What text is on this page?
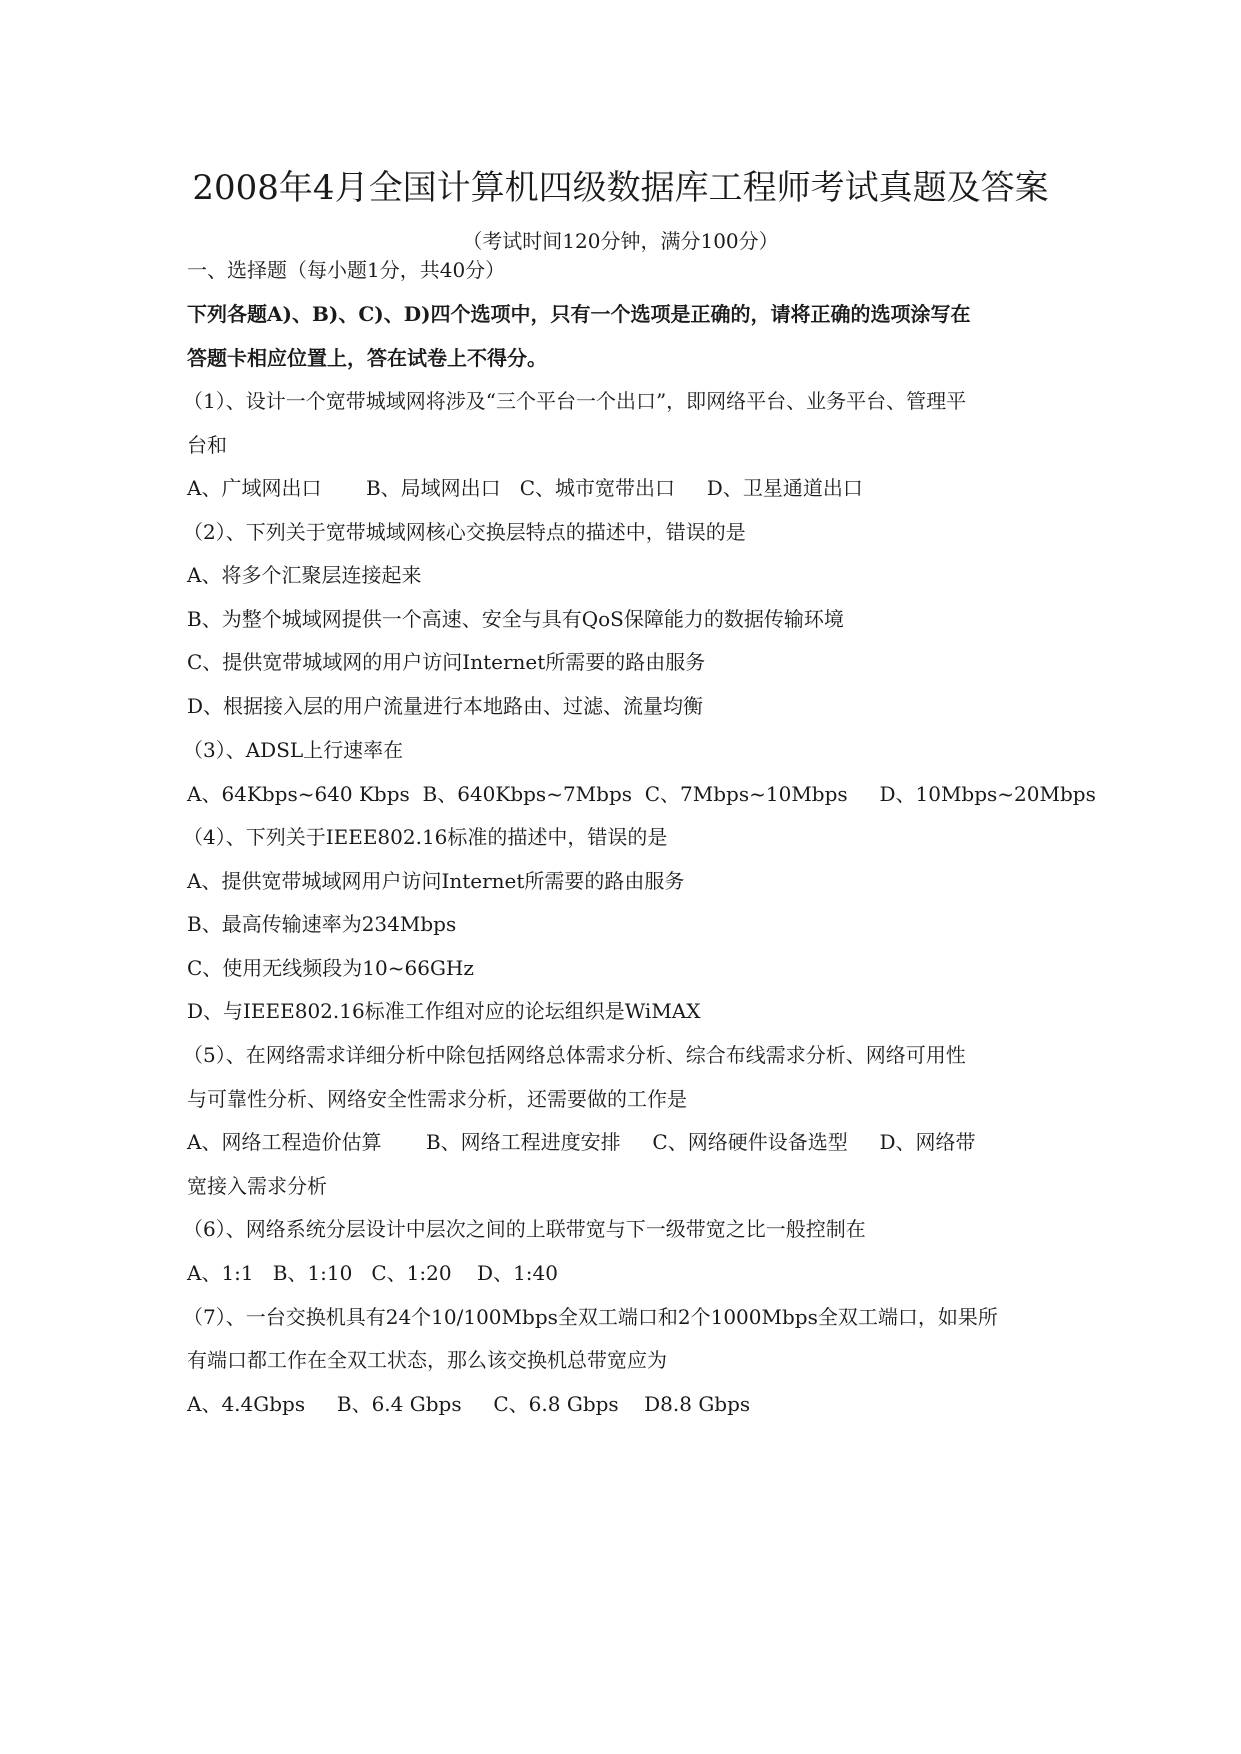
2008年4月全国计算机四级数据库工程师考试真题及答案
（考试时间120分钟，满分100分）
一、选择题（每小题1分，共40分）
下列各题A)、B)、C)、D)四个选项中，只有一个选项是正确的，请将正确的选项涂写在
答题卡相应位置上，答在试卷上不得分。
（1）、设计一个宽带城域网将涉及“三个平台一个出口”，即网络平台、业务平台、管理平
台和
A、广域网出口       B、局域网出口   C、城市宽带出口     D、卫星通道出口
（2）、下列关于宽带城域网核心交换层特点的描述中，错误的是
A、将多个汇聚层连接起来
B、为整个城域网提供一个高速、安全与具有QoS保障能力的数据传输环境
C、提供宽带城域网的用户访问Internet所需要的路由服务
D、根据接入层的用户流量进行本地路由、过滤、流量均衡
（3）、ADSL上行速率在
A、64Kbps~640 Kbps  B、640Kbps~7Mbps  C、7Mbps~10Mbps     D、10Mbps~20Mbps
（4）、下列关于IEEE802.16标准的描述中，错误的是
A、提供宽带城域网用户访问Internet所需要的路由服务
B、最高传输速率为234Mbps
C、使用无线频段为10~66GHz
D、与IEEE802.16标准工作组对应的论坛组织是WiMAX
（5）、在网络需求详细分析中除包括网络总体需求分析、综合布线需求分析、网络可用性
与可靠性分析、网络安全性需求分析，还需要做的工作是
A、网络工程造价估算       B、网络工程进度安排     C、网络硬件设备选型     D、网络带
宽接入需求分析
（6）、网络系统分层设计中层次之间的上联带宽与下一级带宽之比一般控制在
A、1:1   B、1:10   C、1:20    D、1:40
（7）、一台交换机具有24个10/100Mbps全双工端口和2个1000Mbps全双工端口，如果所
有端口都工作在全双工状态，那么该交换机总带宽应为
A、4.4Gbps     B、6.4 Gbps     C、6.8 Gbps    D8.8 Gbps
